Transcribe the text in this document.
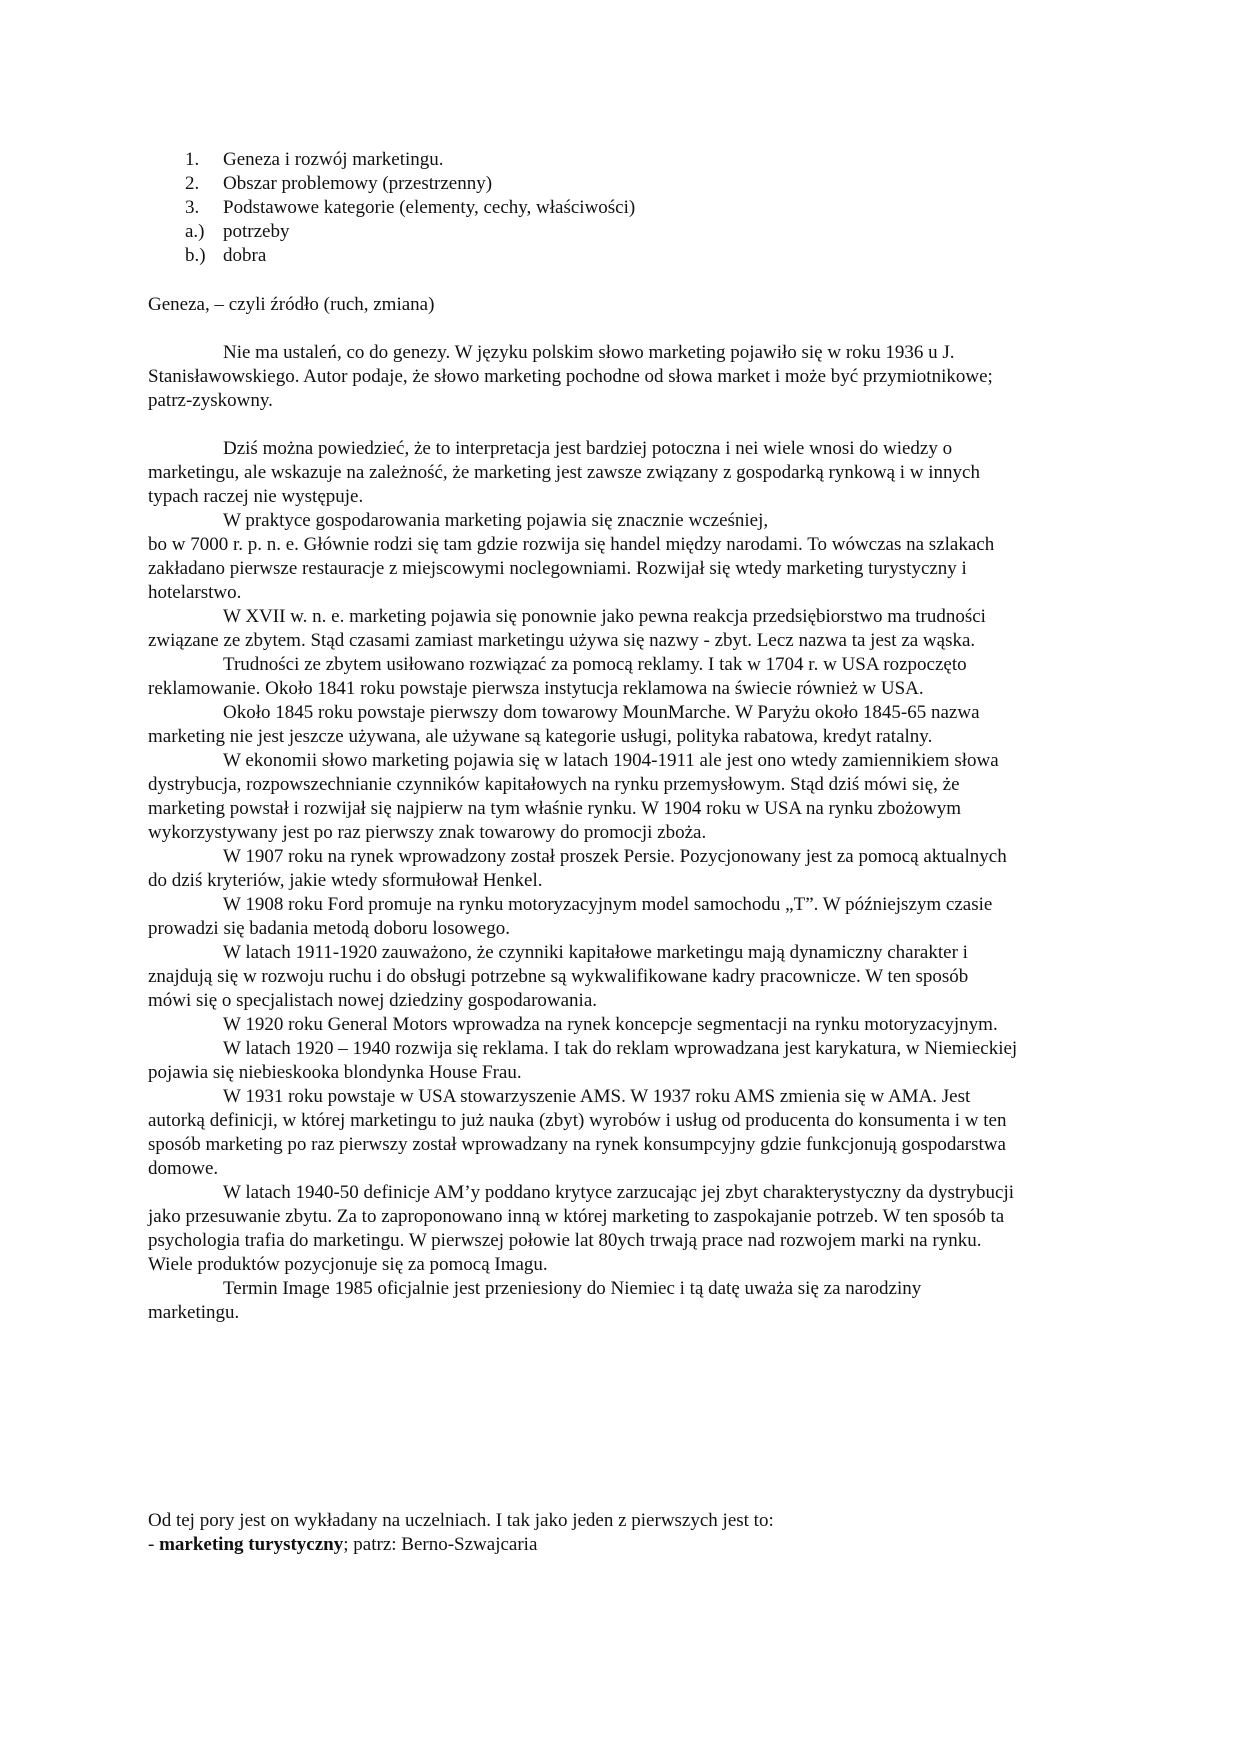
1. Geneza i rozwój marketingu.
2. Obszar problemowy (przestrzenny)
3. Podstawowe kategorie (elementy, cechy, właściwości)
a.) potrzeby
b.) dobra
Geneza, – czyli źródło (ruch, zmiana)
Nie ma ustaleń, co do genezy. W języku polskim słowo marketing pojawiło się w roku 1936 u J.
Stanisławowskiego. Autor podaje, że słowo marketing pochodne od słowa market i może być przymiotnikowe;
patrz-zyskowny.
Dziś można powiedzieć, że to interpretacja jest bardziej potoczna i nei wiele wnosi do wiedzy o
marketingu, ale wskazuje na zależność, że marketing jest zawsze związany z gospodarką rynkową i w innych
typach raczej nie występuje.
W praktyce gospodarowania marketing pojawia się znacznie wcześniej,
bo w 7000 r. p. n. e. Głównie rodzi się tam gdzie rozwija się handel między narodami. To wówczas na szlakach
zakładano pierwsze restauracje z miejscowymi noclegowniami. Rozwijał się wtedy marketing turystyczny i
hotelarstwo.
W XVII w. n. e. marketing pojawia się ponownie jako pewna reakcja przedsiębiorstwo ma trudności
związane ze zbytem. Stąd czasami zamiast marketingu używa się nazwy - zbyt. Lecz nazwa ta jest za wąska.
Trudności ze zbytem usiłowano rozwiązać za pomocą reklamy. I tak w 1704 r. w USA rozpoczęto
reklamowanie. Około 1841 roku powstaje pierwsza instytucja reklamowa na świecie również w USA.
Około 1845 roku powstaje pierwszy dom towarowy MounMarche. W Paryżu około 1845-65 nazwa
marketing nie jest jeszcze używana, ale używane są kategorie usługi, polityka rabatowa, kredyt ratalny.
W ekonomii słowo marketing pojawia się w latach 1904-1911 ale jest ono wtedy zamiennikiem słowa
dystrybucja, rozpowszechnianie czynników kapitałowych na rynku przemysłowym. Stąd dziś mówi się, że
marketing powstał i rozwijał się najpierw na tym właśnie rynku. W 1904 roku w USA na rynku zbożowym
wykorzystywany jest po raz pierwszy znak towarowy do promocji zboża.
W 1907 roku na rynek wprowadzony został proszek Persie. Pozycjonowany jest za pomocą aktualnych
do dziś kryteriów, jakie wtedy sformułował Henkel.
W 1908 roku Ford promuje na rynku motoryzacyjnym model samochodu „T”. W późniejszym czasie
prowadzi się badania metodą doboru losowego.
W latach 1911-1920 zauważono, że czynniki kapitałowe marketingu mają dynamiczny charakter i
znajdują się w rozwoju ruchu i do obsługi potrzebne są wykwalifikowane kadry pracownicze. W ten sposób
mówi się o specjalistach nowej dziedziny gospodarowania.
W 1920 roku General Motors wprowadza na rynek koncepcje segmentacji na rynku motoryzacyjnym.
W latach 1920 – 1940 rozwija się reklama. I tak do reklam wprowadzana jest karykatura, w Niemieckiej
pojawia się niebieskooka blondynka House Frau.
W 1931 roku powstaje w USA stowarzyszenie AMS. W 1937 roku AMS zmienia się w AMA. Jest
autorką definicji, w której marketingu to już nauka (zbyt) wyrobów i usług od producenta do konsumenta i w ten
sposób marketing po raz pierwszy został wprowadzany na rynek konsumpcyjny gdzie funkcjonują gospodarstwa
domowe.
W latach 1940-50 definicje AM’y poddano krytyce zarzucając jej zbyt charakterystyczny da dystrybucji
jako przesuwanie zbytu. Za to zaproponowano inną w której marketing to zaspokajanie potrzeb. W ten sposób ta
psychologia trafia do marketingu. W pierwszej połowie lat 80ych trwają prace nad rozwojem marki na rynku.
Wiele produktów pozycjonuje się za pomocą Imagu.
Termin Image 1985 oficjalnie jest przeniesiony do Niemiec i tą datę uważa się za narodziny
marketingu.
Od tej pory jest on wykładany na uczelniach. I tak jako jeden z pierwszych jest to:
- marketing turystyczny; patrz: Berno-Szwajcaria
